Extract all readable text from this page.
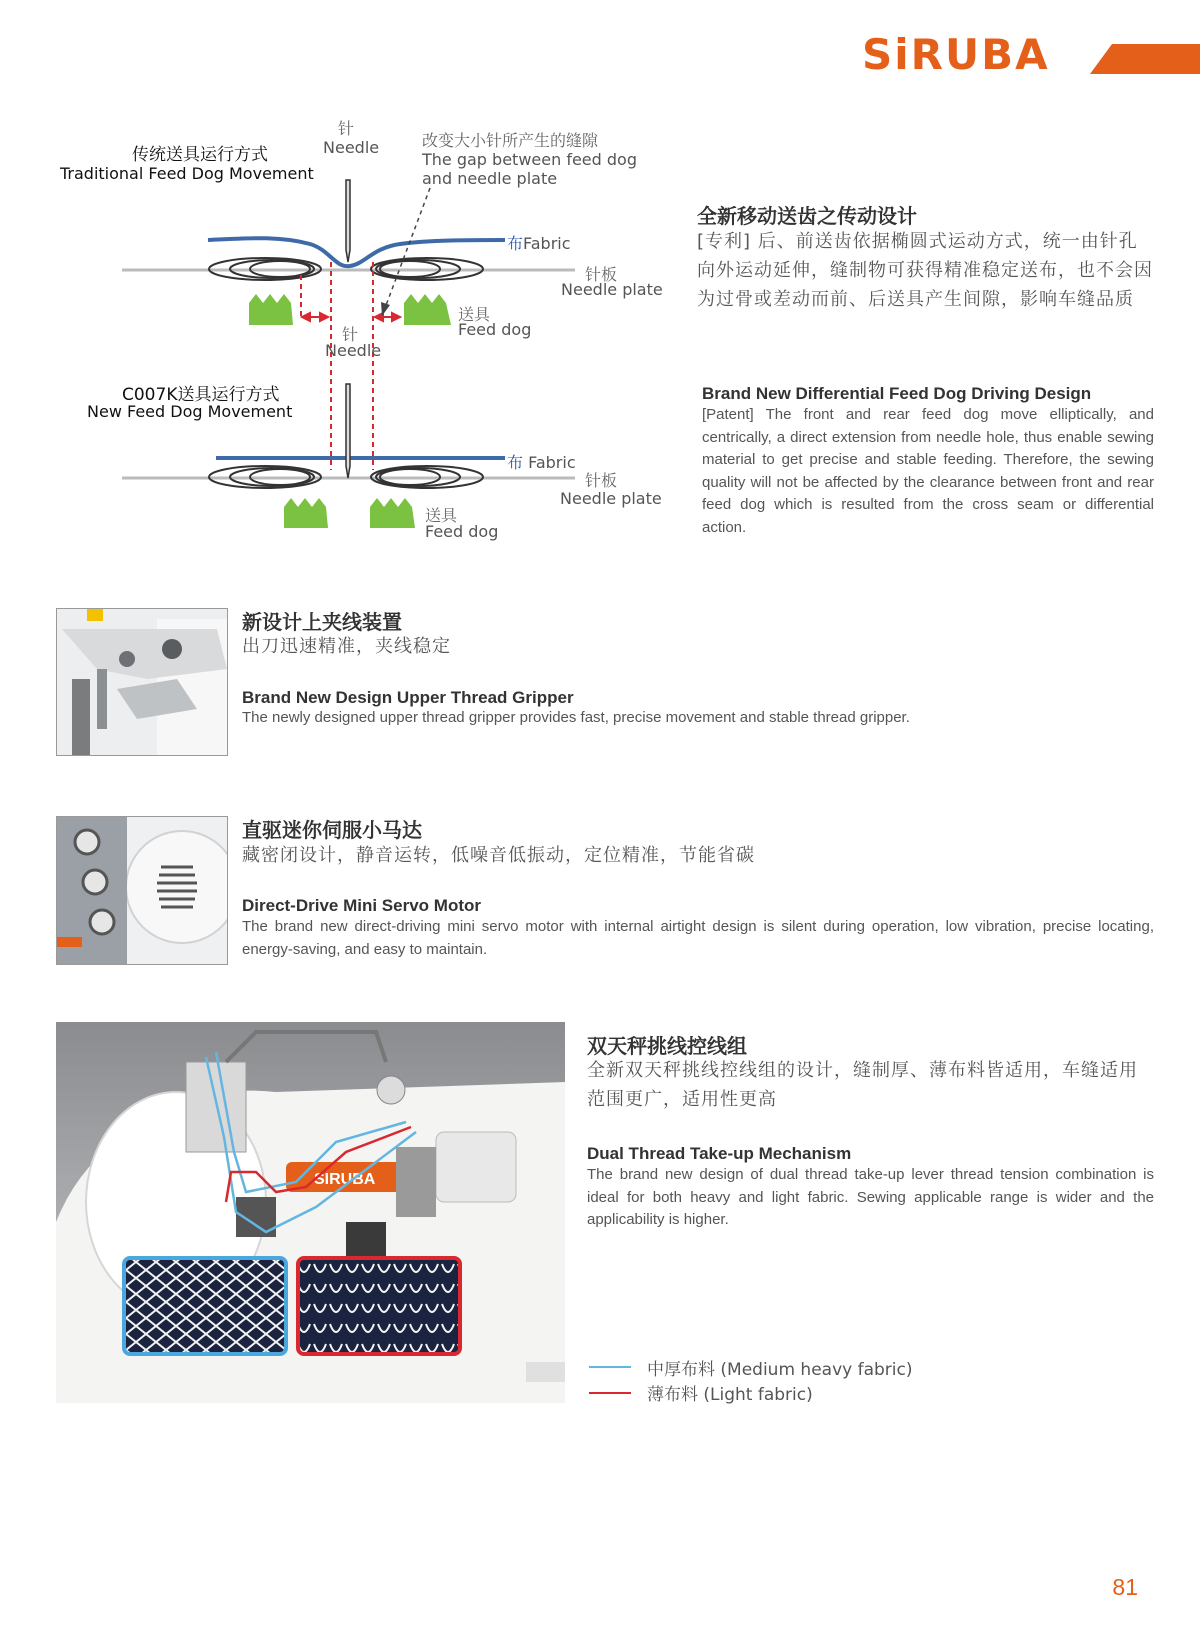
SiRUBA
传统送具运行方式
Traditional Feed Dog Movement
针
Needle	改变大小针所产生的缝隙
The gap between feed dog
and needle plate
布Fabric
针板
Needle plate
送具
Feed dog
针
Needle
C007K送具运行方式
New Feed Dog Movement
布 Fabric
针板
Needle plate
送具
Feed dog
全新移动送齿之传动设计
[专利] 后、前送齿依据椭圆式运动方式，统一由针孔向外运动延伸，缝制物可获得精准稳定送布，也不会因为过骨或差动而前、后送具产生间隙，影响车缝品质
Brand New Differential Feed Dog Driving Design
[Patent] The front and rear feed dog move elliptically, and centrically, a direct extension from needle hole, thus enable sewing material to get precise and stable feeding. Therefore, the sewing quality will not be affected by the clearance between front and rear feed dog which is resulted from the cross seam or differential action.
新设计上夹线装置
出刀迅速精准，夹线稳定
Brand New Design Upper Thread Gripper
The newly designed upper thread gripper provides fast, precise movement and stable thread gripper.
直驱迷你伺服小马达
藏密闭设计，静音运转，低噪音低振动，定位精准，节能省碳
Direct-Drive Mini Servo Motor
The brand new direct-driving mini servo motor with internal airtight design is silent during operation, low vibration, precise locating, energy-saving, and easy to maintain.
SIRUBA
双天秤挑线控线组
全新双天秤挑线控线组的设计，缝制厚、薄布料皆适用，车缝适用范围更广，适用性更高
Dual Thread Take-up Mechanism
The brand new design of dual thread take-up lever thread tension combination is ideal for both heavy and light fabric. Sewing applicable range is wider and the applicability is higher.
中厚布料 (Medium heavy fabric)
薄布料 (Light fabric)
81
